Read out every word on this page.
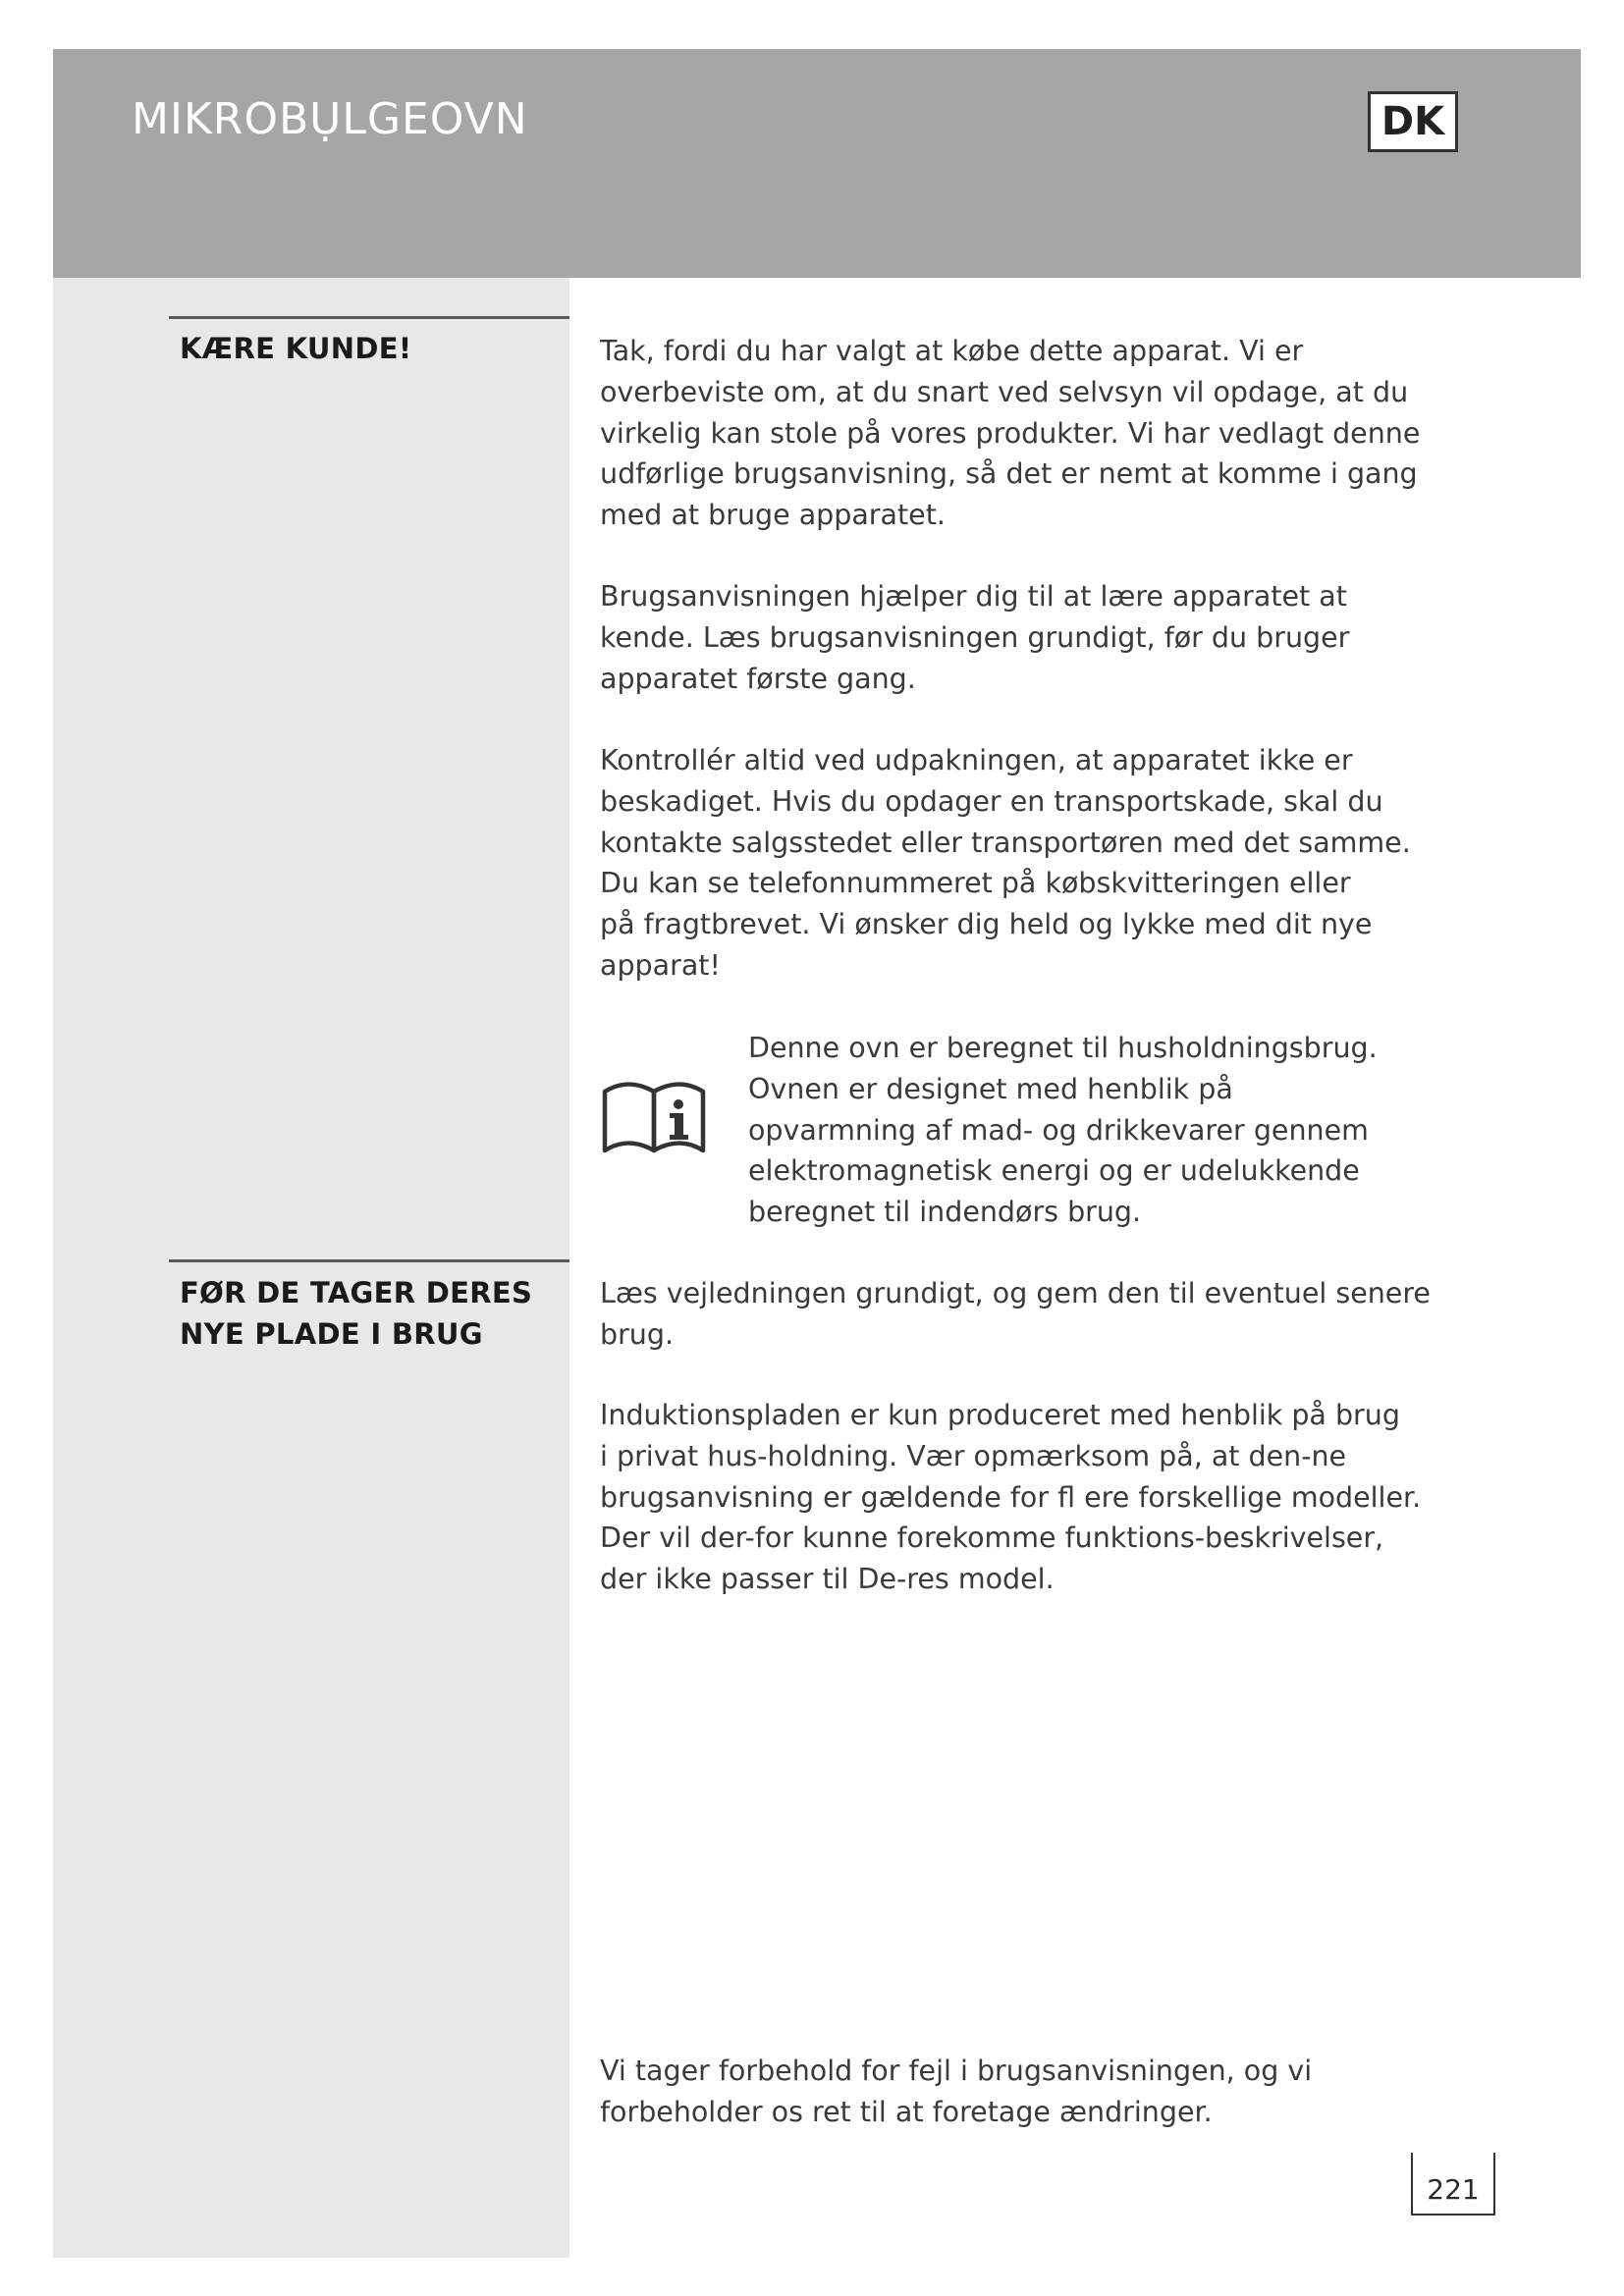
MIKROBỤLGEOVN	DK
KÆRE KUNDE!	Tak, fordi du har valgt at købe dette apparat. Vi er
overbeviste om, at du snart ved selvsyn vil opdage, at du
virkelig kan stole på vores produkter. Vi har vedlagt denne
udførlige brugsanvisning, så det er nemt at komme i gang
med at bruge apparatet.

Brugsanvisningen hjælper dig til at lære apparatet at
kende. Læs brugsanvisningen grundigt, før du bruger
apparatet første gang.

Kontrollér altid ved udpakningen, at apparatet ikke er
beskadiget. Hvis du opdager en transportskade, skal du
kontakte salgsstedet eller transportøren med det samme.
Du kan se telefonnummeret på købskvitteringen eller
på fragtbrevet. Vi ønsker dig held og lykke med dit nye
apparat!

Denne ovn er beregnet til husholdningsbrug.
Ovnen er designet med henblik på
opvarmning af mad- og drikkevarer gennem
elektromagnetisk energi og er udelukkende
beregnet til indendørs brug.

FØR DE TAGER DERES
NYE PLADE I BRUG

Læs vejledningen grundigt, og gem den til eventuel senere
brug.

Induktionspladen er kun produceret med henblik på brug
i privat hus-holdning. Vær opmærksom på, at den-ne
brugsanvisning er gældende for fl ere forskellige modeller.
Der vil der-for kunne forekomme funktions-beskrivelser,
der ikke passer til De-res model.

Vi tager forbehold for fejl i brugsanvisningen, og vi
forbeholder os ret til at foretage ændringer.

221
